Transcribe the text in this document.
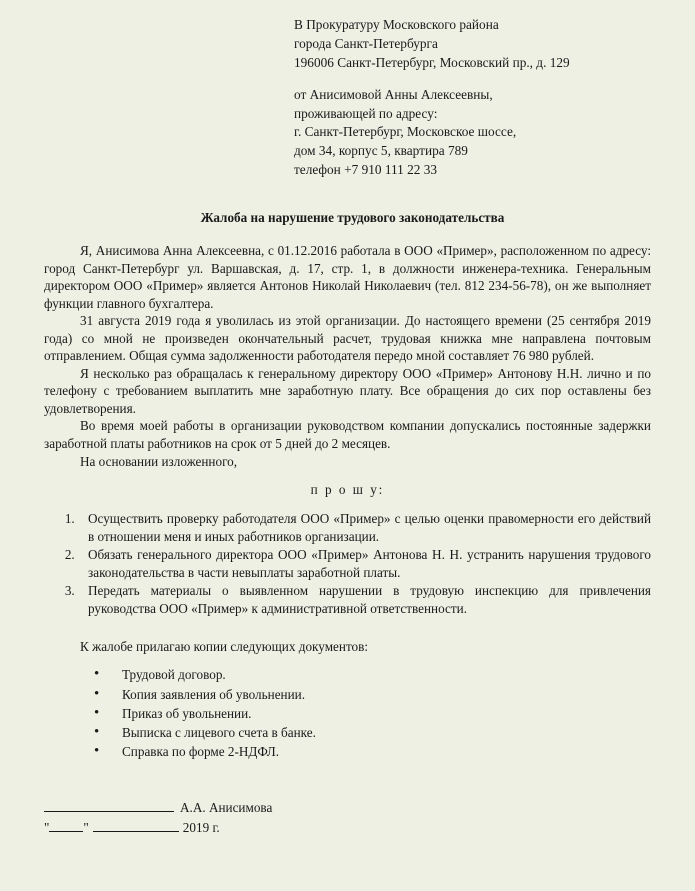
В Прокуратуру Московского района
города Санкт-Петербурга
196006 Санкт-Петербург, Московский пр., д. 129
от Анисимовой Анны Алексеевны,
проживающей по адресу:
г. Санкт-Петербург, Московское шоссе,
дом 34, корпус 5, квартира 789
телефон +7 910 111 22 33
Жалоба на нарушение трудового законодательства

Я, Анисимова Анна Алексеевна, с 01.12.2016 работала в ООО «Пример», расположенном по адресу: город Санкт-Петербург ул. Варшавская, д. 17, стр. 1, в должности инженера-техника. Генеральным директором ООО «Пример» является Антонов Николай Николаевич (тел. 812 234-56-78), он же выполняет функции главного бухгалтера.

31 августа 2019 года я уволилась из этой организации. До настоящего времени (25 сентября 2019 года) со мной не произведен окончательный расчет, трудовая книжка мне направлена почтовым отправлением. Общая сумма задолженности работодателя передо мной составляет 76 980 рублей.

Я несколько раз обращалась к генеральному директору ООО «Пример» Антонову Н.Н. лично и по телефону с требованием выплатить мне заработную плату. Все обращения до сих пор оставлены без удовлетворения.

Во время моей работы в организации руководством компании допускались постоянные задержки заработной платы работников на срок от 5 дней до 2 месяцев.

На основании изложенного,

п р о ш у:
1. Осуществить проверку работодателя ООО «Пример» с целью оценки правомерности его действий в отношении меня и иных работников организации.
2. Обязать генерального директора ООО «Пример» Антонова Н. Н. устранить нарушения трудового законодательства в части невыплаты заработной платы.
3. Передать материалы о выявленном нарушении в трудовую инспекцию для привлечения руководства ООО «Пример» к административной ответственности.
К жалобе прилагаю копии следующих документов:
• Трудовой договор.
• Копия заявления об увольнении.
• Приказ об увольнении.
• Выписка с лицевого счета в банке.
• Справка по форме 2-НДФЛ.
А.А. Анисимова
"	"	2019 г.
